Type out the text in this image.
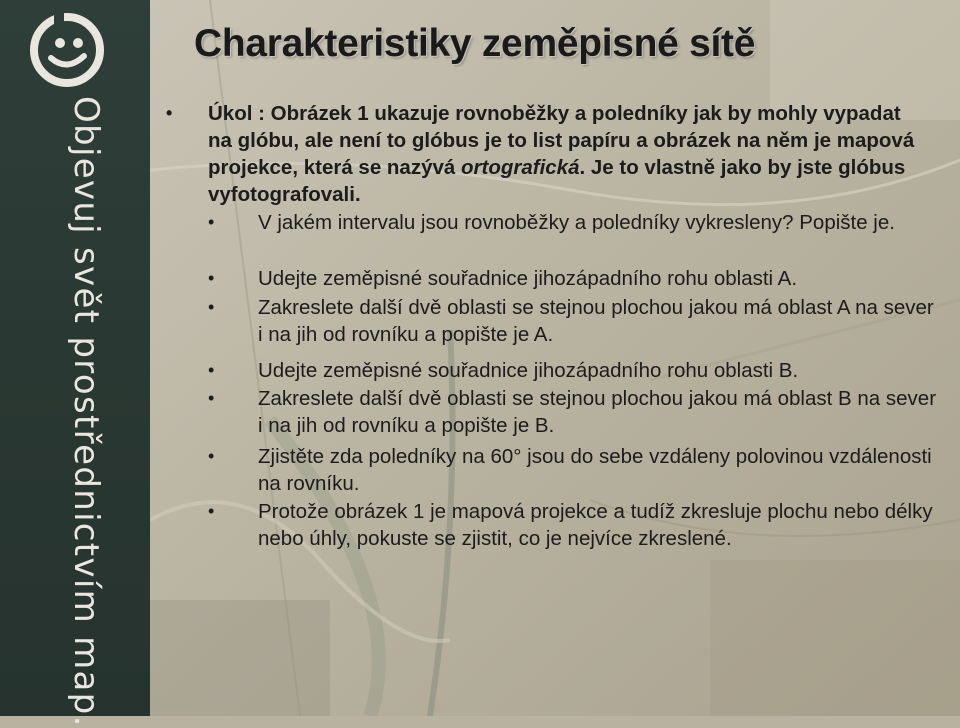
Objevuj svět prostřednictvím map.
Charakteristiky zeměpisné sítě
• Úkol : Obrázek 1 ukazuje rovnoběžky a poledníky jak by mohly vypadat na glóbu, ale není to glóbus je to list papíru a obrázek na něm je mapová projekce, která se nazývá ortografická. Je to vlastně jako by jste glóbus vyfotografovali.
• V jakém intervalu jsou rovnoběžky a poledníky vykresleny? Popište je.
• Udejte zeměpisné souřadnice jihozápadního rohu oblasti A.
• Zakreslete další dvě oblasti se stejnou plochou jakou má oblast A na sever i na jih od rovníku a popište je A.
• Udejte zeměpisné souřadnice jihozápadního rohu oblasti B.
• Zakreslete další dvě oblasti se stejnou plochou jakou má oblast B na sever i na jih od rovníku a popište je B.
• Zjistěte zda poledníky na 60° jsou do sebe vzdáleny polovinou vzdálenosti na rovníku.
• Protože obrázek 1 je mapová projekce a tudíž zkresluje plochu nebo délky nebo úhly, pokuste se zjistit, co je nejvíce zkreslené.
